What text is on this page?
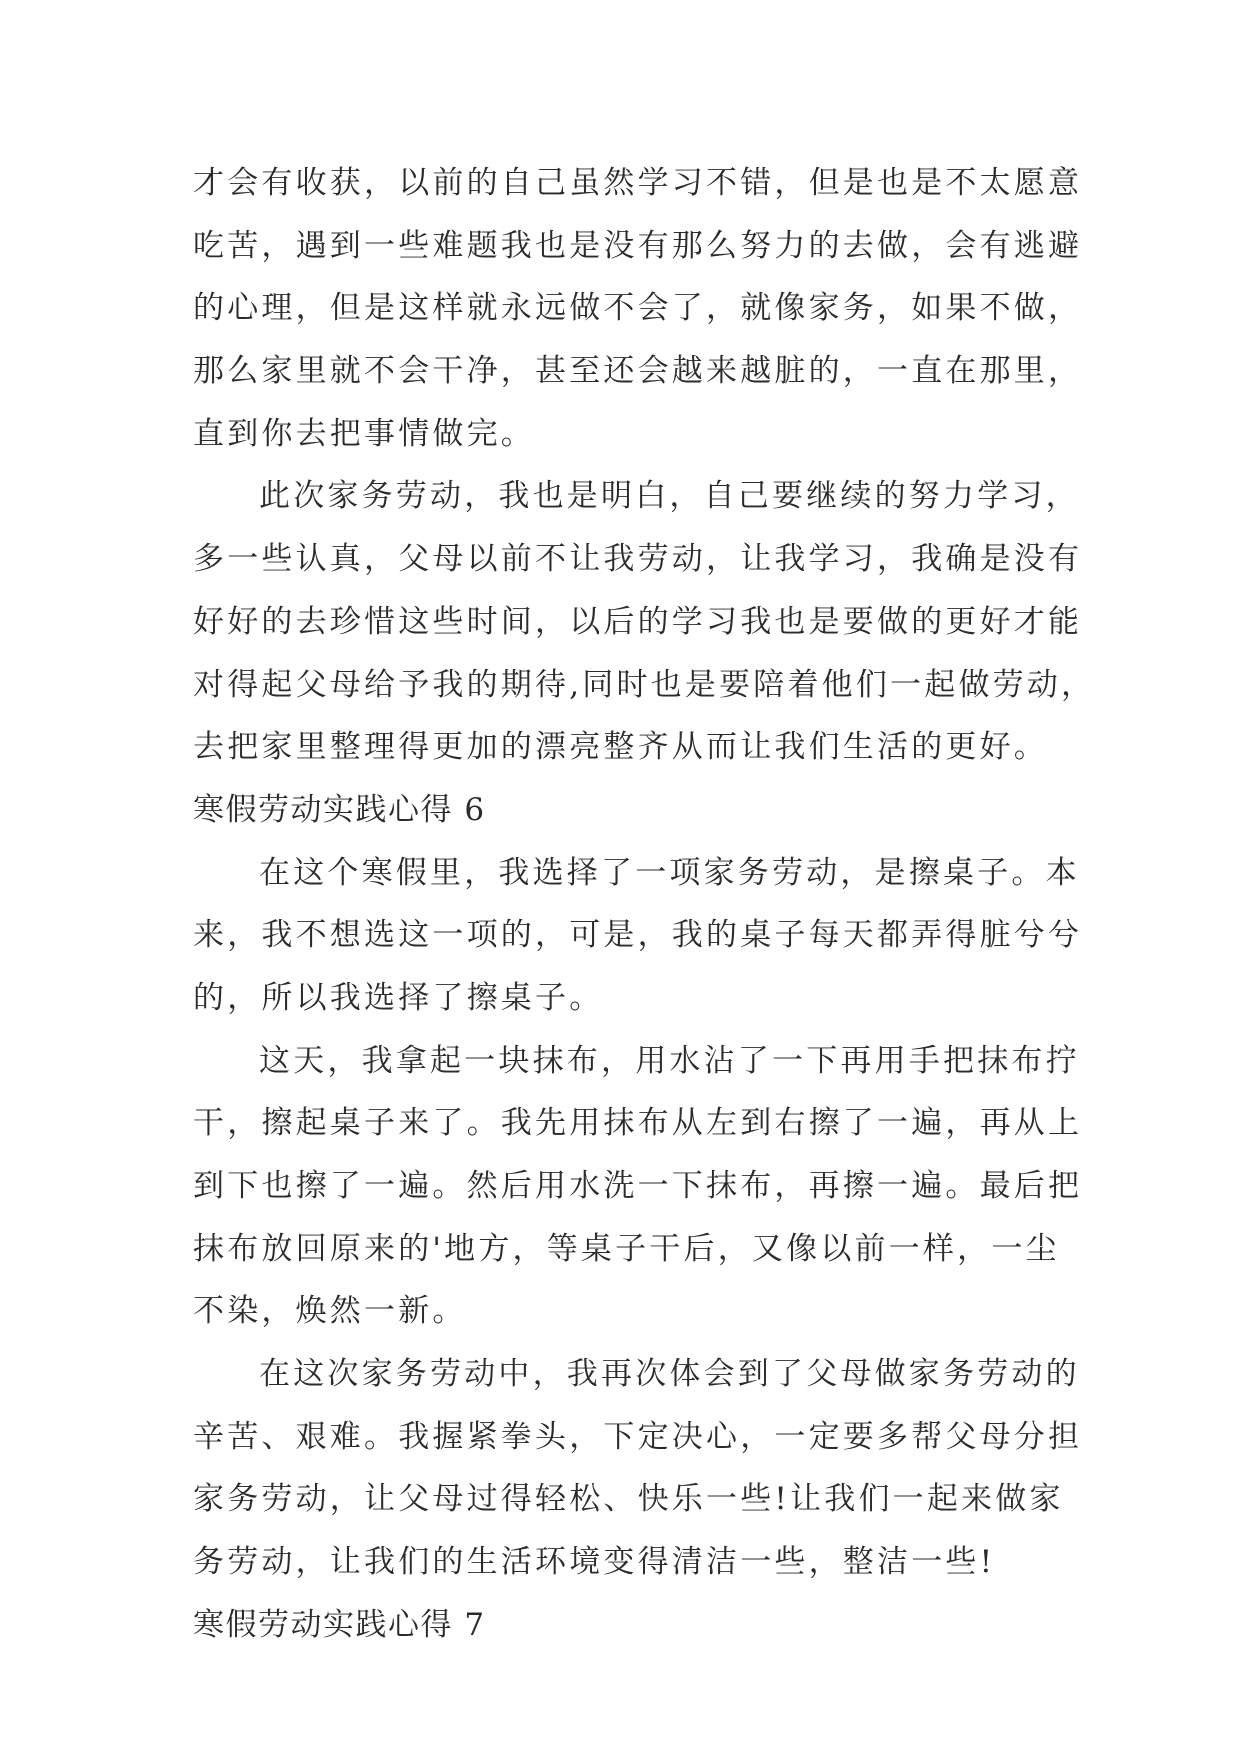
才会有收获，以前的自己虽然学习不错，但是也是不太愿意
吃苦，遇到一些难题我也是没有那么努力的去做，会有逃避
的心理，但是这样就永远做不会了，就像家务，如果不做，
那么家里就不会干净，甚至还会越来越脏的，一直在那里，
直到你去把事情做完。
此次家务劳动，我也是明白，自己要继续的努力学习，
多一些认真，父母以前不让我劳动，让我学习，我确是没有
好好的去珍惜这些时间，以后的学习我也是要做的更好才能
对得起父母给予我的期待,同时也是要陪着他们一起做劳动，
去把家里整理得更加的漂亮整齐从而让我们生活的更好。
寒假劳动实践心得 6
在这个寒假里，我选择了一项家务劳动，是擦桌子。本
来，我不想选这一项的，可是，我的桌子每天都弄得脏兮兮
的，所以我选择了擦桌子。
这天，我拿起一块抹布，用水沾了一下再用手把抹布拧
干，擦起桌子来了。我先用抹布从左到右擦了一遍，再从上
到下也擦了一遍。然后用水洗一下抹布，再擦一遍。最后把
抹布放回原来的'地方，等桌子干后，又像以前一样，一尘
不染，焕然一新。
在这次家务劳动中，我再次体会到了父母做家务劳动的
辛苦、艰难。我握紧拳头，下定决心，一定要多帮父母分担
家务劳动，让父母过得轻松、快乐一些!让我们一起来做家
务劳动，让我们的生活环境变得清洁一些，整洁一些!
寒假劳动实践心得 7
